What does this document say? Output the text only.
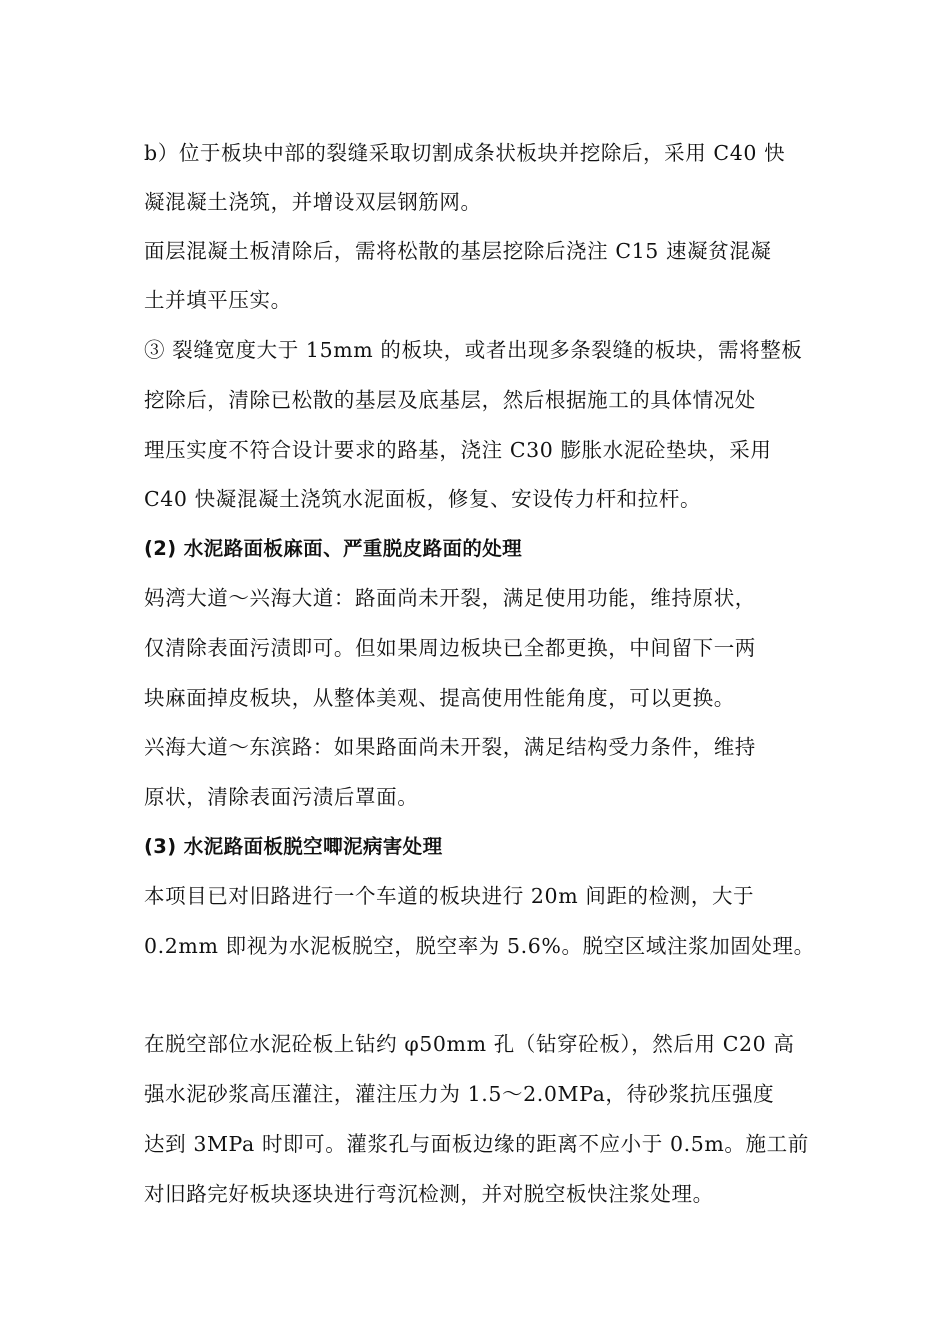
b）位于板块中部的裂缝采取切割成条状板块并挖除后，采用 C40 快
凝混凝土浇筑，并增设双层钢筋网。
面层混凝土板清除后，需将松散的基层挖除后浇注 C15 速凝贫混凝
土并填平压实。
③ 裂缝宽度大于 15mm 的板块，或者出现多条裂缝的板块，需将整板
挖除后，清除已松散的基层及底基层，然后根据施工的具体情况处
理压实度不符合设计要求的路基，浇注 C30 膨胀水泥砼垫块，采用
C40 快凝混凝土浇筑水泥面板，修复、安设传力杆和拉杆。
(2) 水泥路面板麻面、严重脱皮路面的处理
妈湾大道～兴海大道：路面尚未开裂，满足使用功能，维持原状，
仅清除表面污渍即可。但如果周边板块已全都更换，中间留下一两
块麻面掉皮板块，从整体美观、提高使用性能角度，可以更换。
兴海大道～东滨路：如果路面尚未开裂，满足结构受力条件，维持
原状，清除表面污渍后罩面。
(3) 水泥路面板脱空唧泥病害处理
本项目已对旧路进行一个车道的板块进行 20m 间距的检测，大于
0.2mm 即视为水泥板脱空，脱空率为 5.6%。脱空区域注浆加固处理。
在脱空部位水泥砼板上钻约 φ50mm 孔（钻穿砼板），然后用 C20 高
强水泥砂浆高压灌注，灌注压力为 1.5～2.0MPa，待砂浆抗压强度
达到 3MPa 时即可。灌浆孔与面板边缘的距离不应小于 0.5m。施工前
对旧路完好板块逐块进行弯沉检测，并对脱空板快注浆处理。
